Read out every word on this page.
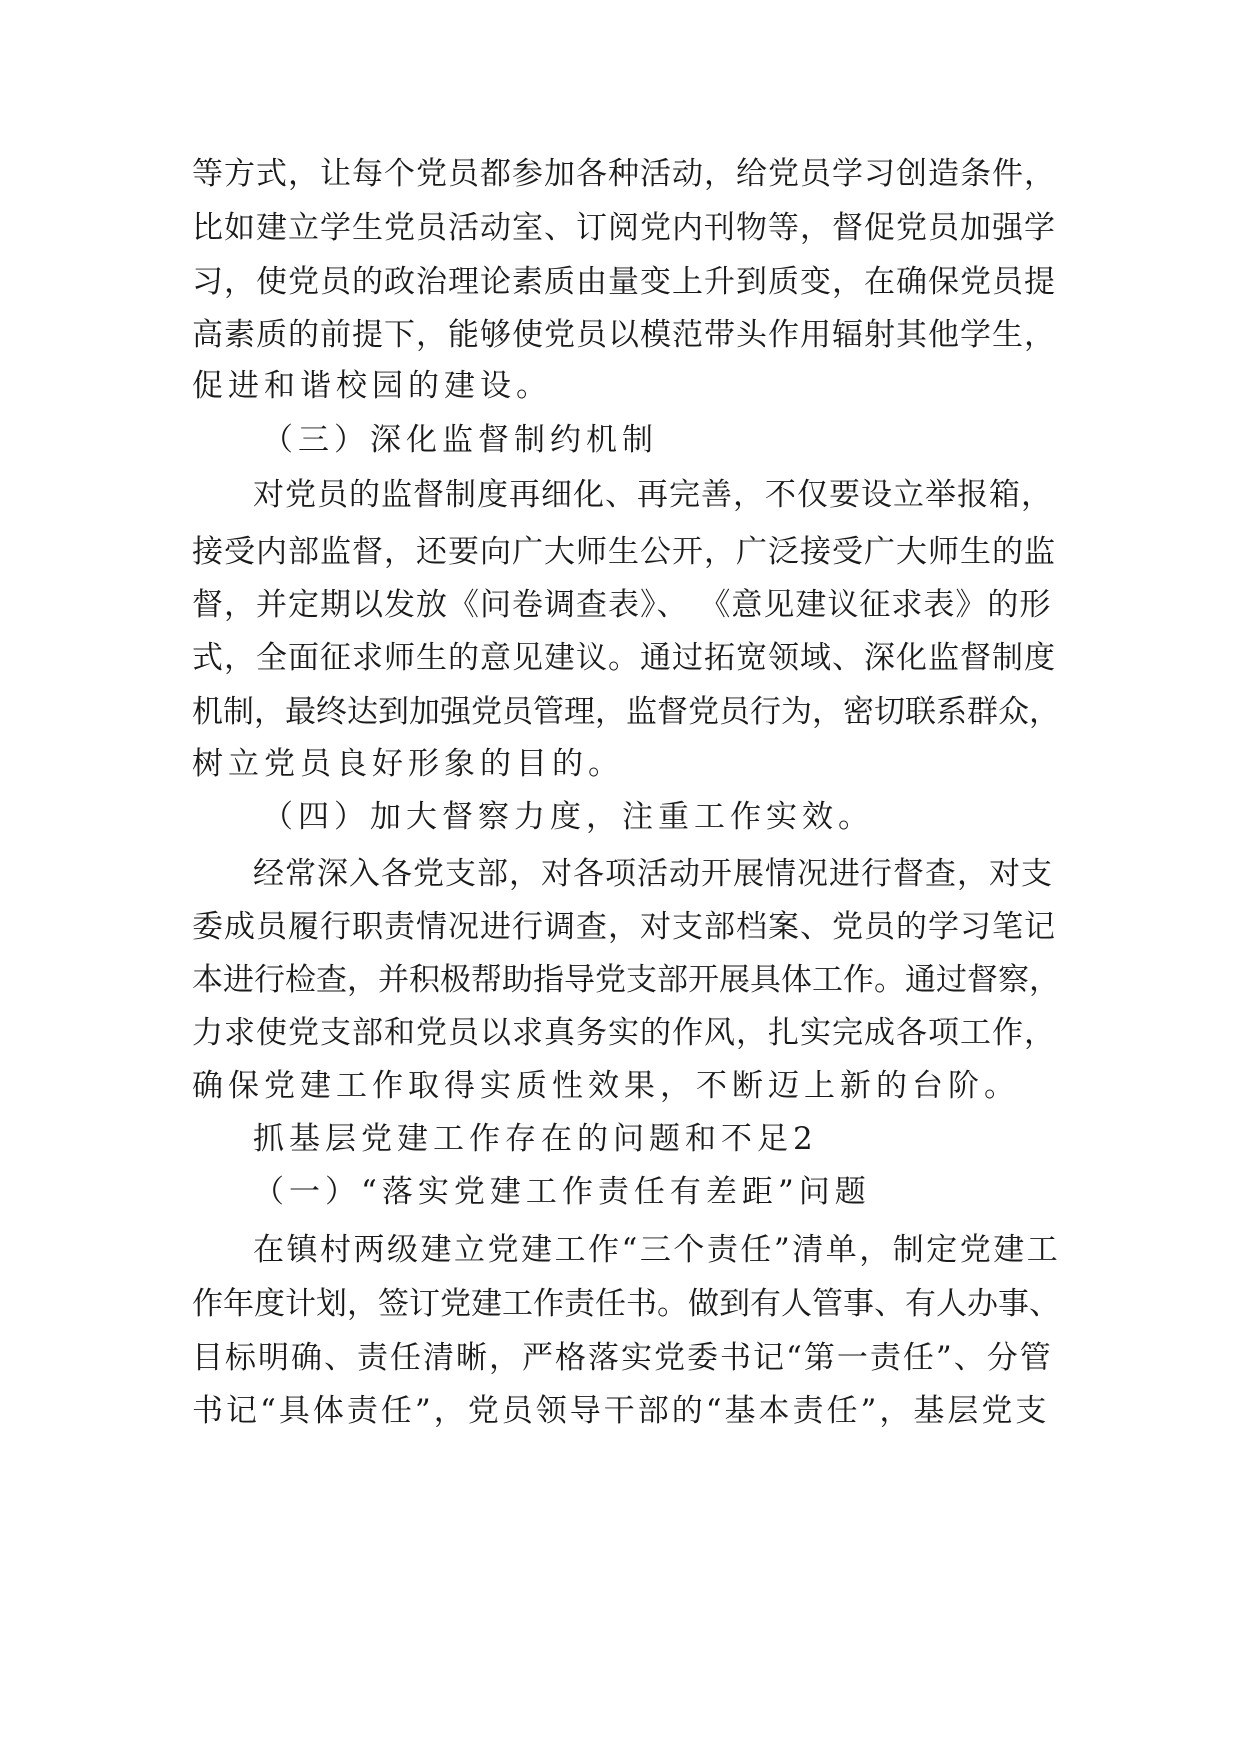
等方式，让每个党员都参加各种活动，给党员学习创造条件，
比如建立学生党员活动室、订阅党内刊物等，督促党员加强学
习，使党员的政治理论素质由量变上升到质变，在确保党员提
高素质的前提下，能够使党员以模范带头作用辐射其他学生，
促进和谐校园的建设。
（三）深化监督制约机制
对党员的监督制度再细化、再完善，不仅要设立举报箱，
接受内部监督，还要向广大师生公开，广泛接受广大师生的监
督，并定期以发放《问卷调查表》、 《意见建议征求表》的形
式，全面征求师生的意见建议。通过拓宽领域、深化监督制度
机制，最终达到加强党员管理，监督党员行为，密切联系群众，
树立党员良好形象的目的。
（四）加大督察力度，注重工作实效。
经常深入各党支部，对各项活动开展情况进行督查，对支
委成员履行职责情况进行调查，对支部档案、党员的学习笔记
本进行检查，并积极帮助指导党支部开展具体工作。通过督察，
力求使党支部和党员以求真务实的作风，扎实完成各项工作，
确保党建工作取得实质性效果，不断迈上新的台阶。
抓基层党建工作存在的问题和不足2
（一）“落实党建工作责任有差距”问题
在镇村两级建立党建工作“三个责任”清单，制定党建工
作年度计划，签订党建工作责任书。做到有人管事、有人办事、
目标明确、责任清晰，严格落实党委书记“第一责任”、分管
书记“具体责任”，党员领导干部的“基本责任”，基层党支
